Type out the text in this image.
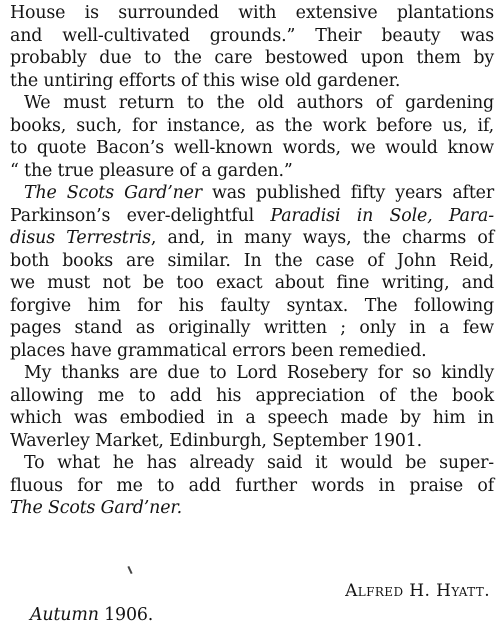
House is surrounded with extensive plantations
and well-cultivated grounds.” Their beauty was
probably due to the care bestowed upon them by
the untiring efforts of this wise old gardener.
We must return to the old authors of gardening
books, such, for instance, as the work before us, if,
to quote Bacon’s well-known words, we would know
“ the true pleasure of a garden.”
The Scots Gard’ner was published fifty years after
Parkinson’s ever-delightful Paradisi in Sole, Para-
disus Terrestris, and, in many ways, the charms of
both books are similar. In the case of John Reid,
we must not be too exact about fine writing, and
forgive him for his faulty syntax. The following
pages stand as originally written ; only in a few
places have grammatical errors been remedied.
My thanks are due to Lord Rosebery for so kindly
allowing me to add his appreciation of the book
which was embodied in a speech made by him in
Waverley Market, Edinburgh, September 1901.
To what he has already said it would be super-
fluous for me to add further words in praise of
The Scots Gard’ner.
Alfred H. Hyatt.
Autumn 1906.
